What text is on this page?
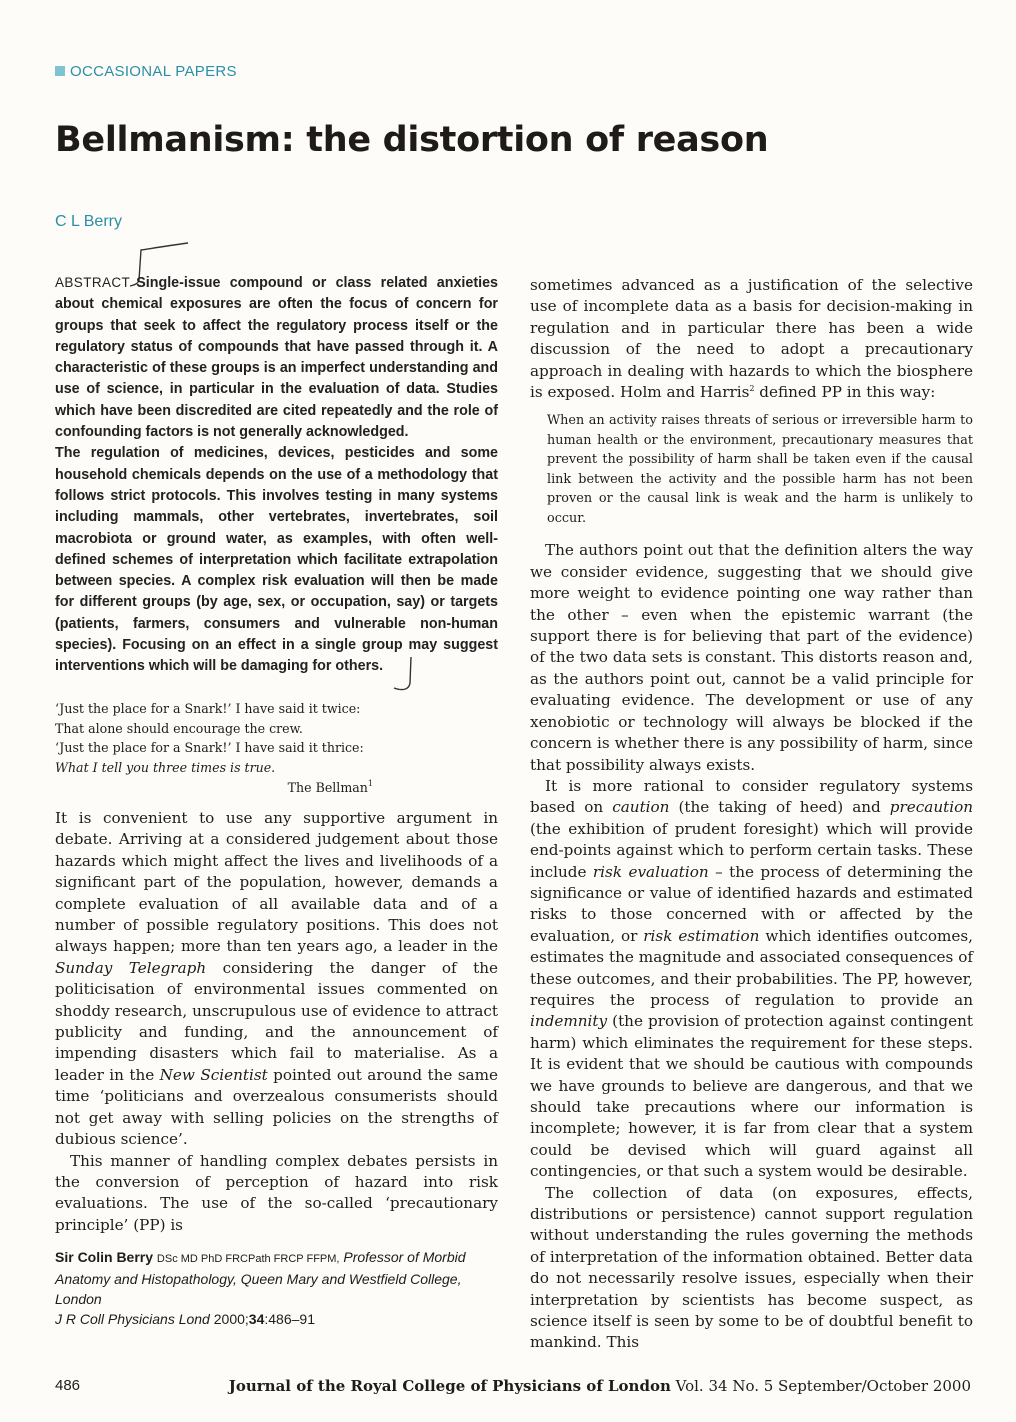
OCCASIONAL PAPERS
Bellmanism: the distortion of reason
C L Berry

ABSTRACT Single-issue compound or class related anxieties about chemical exposures are often the focus of concern for groups that seek to affect the regulatory process itself or the regulatory status of compounds that have passed through it. A characteristic of these groups is an imperfect understanding and use of science, in particular in the evaluation of data. Studies which have been discredited are cited repeatedly and the role of confounding factors is not generally acknowledged.

The regulation of medicines, devices, pesticides and some household chemicals depends on the use of a methodology that follows strict protocols. This involves testing in many systems including mammals, other vertebrates, invertebrates, soil macrobiota or ground water, as examples, with often well-defined schemes of interpretation which facilitate extrapolation between species. A complex risk evaluation will then be made for different groups (by age, sex, or occupation, say) or targets (patients, farmers, consumers and vulnerable non-human species). Focusing on an effect in a single group may suggest interventions which will be damaging for others.

‘Just the place for a Snark!’ I have said it twice:
That alone should encourage the crew.
‘Just the place for a Snark!’ I have said it thrice:
What I tell you three times is true.
The Bellman$^1$

It is convenient to use any supportive argument in debate. Arriving at a considered judgement about those hazards which might affect the lives and livelihoods of a significant part of the population, however, demands a complete evaluation of all available data and of a number of possible regulatory positions. This does not always happen; more than ten years ago, a leader in the Sunday Telegraph considering the danger of the politicisation of environmental issues commented on shoddy research, unscrupulous use of evidence to attract publicity and funding, and the announcement of impending disasters which fail to materialise. As a leader in the New Scientist pointed out around the same time ‘politicians and overzealous consumerists should not get away with selling policies on the strengths of dubious science’.

This manner of handling complex debates persists in the conversion of perception of hazard into risk evaluations. The use of the so-called ‘precautionary principle’ (PP) is

sometimes advanced as a justification of the selective use of incomplete data as a basis for decision-making in regulation and in particular there has been a wide discussion of the need to adopt a precautionary approach in dealing with hazards to which the biosphere is exposed. Holm and Harris$^2$ defined PP in this way:

When an activity raises threats of serious or irreversible harm to human health or the environment, precautionary measures that prevent the possibility of harm shall be taken even if the causal link between the activity and the possible harm has not been proven or the causal link is weak and the harm is unlikely to occur.

The authors point out that the definition alters the way we consider evidence, suggesting that we should give more weight to evidence pointing one way rather than the other – even when the epistemic warrant (the support there is for believing that part of the evidence) of the two data sets is constant. This distorts reason and, as the authors point out, cannot be a valid principle for evaluating evidence. The development or use of any xenobiotic or technology will always be blocked if the concern is whether there is any possibility of harm, since that possibility always exists.

It is more rational to consider regulatory systems based on caution (the taking of heed) and precaution (the exhibition of prudent foresight) which will provide end-points against which to perform certain tasks. These include risk evaluation – the process of determining the significance or value of identified hazards and estimated risks to those concerned with or affected by the evaluation, or risk estimation which identifies outcomes, estimates the magnitude and associated consequences of these outcomes, and their probabilities. The PP, however, requires the process of regulation to provide an indemnity (the provision of protection against contingent harm) which eliminates the requirement for these steps. It is evident that we should be cautious with compounds we have grounds to believe are dangerous, and that we should take precautions where our information is incomplete; however, it is far from clear that a system could be devised which will guard against all contingencies, or that such a system would be desirable.

The collection of data (on exposures, effects, distributions or persistence) cannot support regulation without understanding the rules governing the methods of interpretation of the information obtained. Better data do not necessarily resolve issues, especially when their interpretation by scientists has become suspect, as science itself is seen by some to be of doubtful benefit to mankind. This

Sir Colin Berry DSc MD PhD FRCPath FRCP FFPM, Professor of Morbid Anatomy and Histopathology, Queen Mary and Westfield College, London
J R Coll Physicians Lond 2000;34:486–91
486	Journal of the Royal College of Physicians of London Vol. 34 No. 5 September/October 2000
